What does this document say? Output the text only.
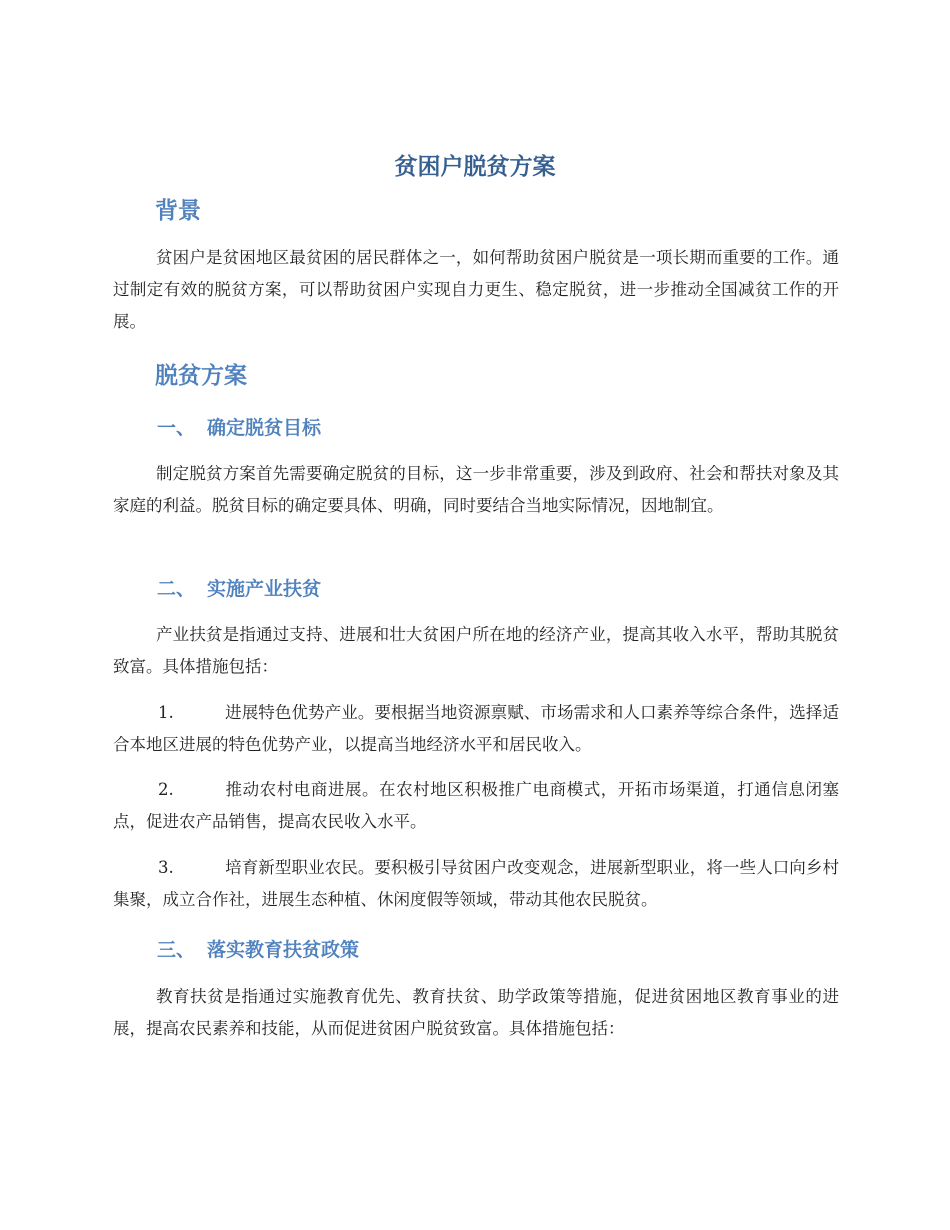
贫困户脱贫方案
背景

贫困户是贫困地区最贫困的居民群体之一，如何帮助贫困户脱贫是一项长期而重要的工作。通过制定有效的脱贫方案，可以帮助贫困户实现自力更生、稳定脱贫，进一步推动全国减贫工作的开展。

脱贫方案
一、 确定脱贫目标

制定脱贫方案首先需要确定脱贫的目标，这一步非常重要，涉及到政府、社会和帮扶对象及其家庭的利益。脱贫目标的确定要具体、明确，同时要结合当地实际情况，因地制宜。

二、 实施产业扶贫

产业扶贫是指通过支持、进展和壮大贫困户所在地的经济产业，提高其收入水平，帮助其脱贫致富。具体措施包括：

1.	进展特色优势产业。要根据当地资源禀赋、市场需求和人口素养等综合条件，选择适合本地区进展的特色优势产业，以提高当地经济水平和居民收入。

2.	推动农村电商进展。在农村地区积极推广电商模式，开拓市场渠道，打通信息闭塞点，促进农产品销售，提高农民收入水平。

3.	培育新型职业农民。要积极引导贫困户改变观念，进展新型职业，将一些人口向乡村集聚，成立合作社，进展生态种植、休闲度假等领域，带动其他农民脱贫。

三、 落实教育扶贫政策

教育扶贫是指通过实施教育优先、教育扶贫、助学政策等措施，促进贫困地区教育事业的进展，提高农民素养和技能，从而促进贫困户脱贫致富。具体措施包括：
